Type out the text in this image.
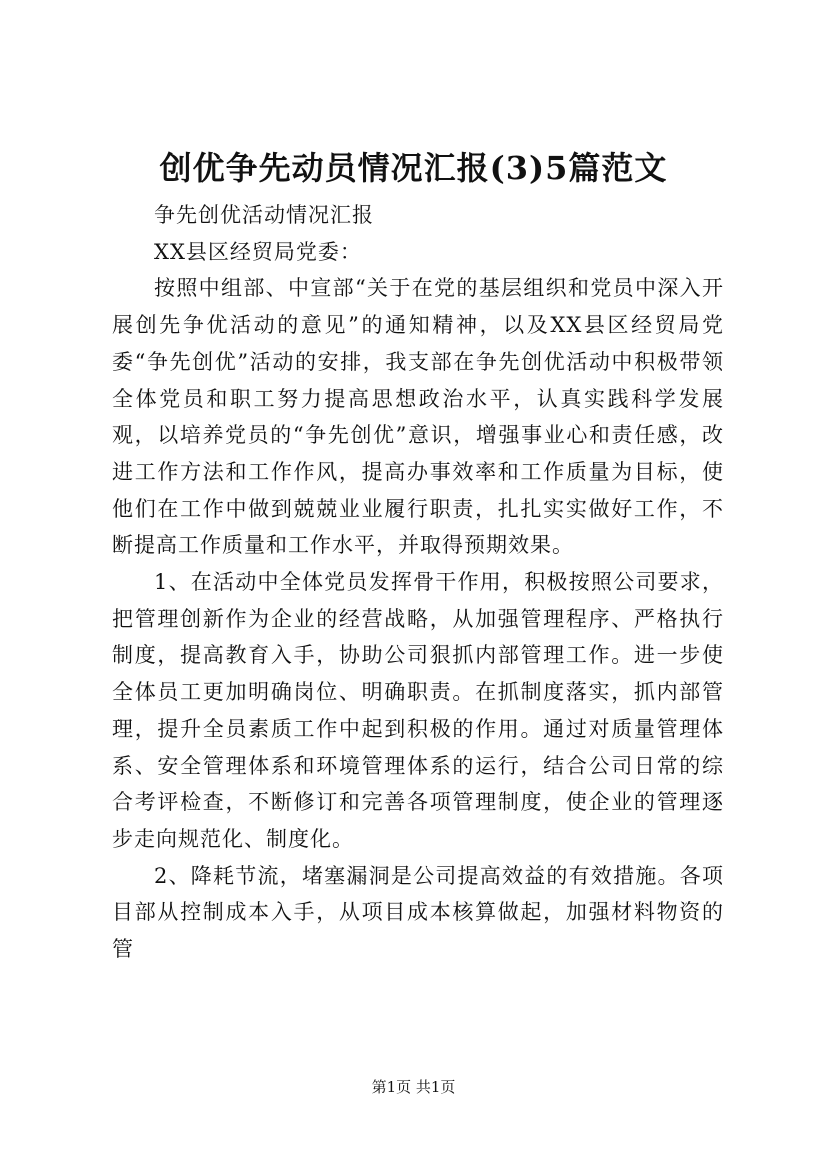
创优争先动员情况汇报(3)5篇范文

争先创优活动情况汇报

XX县区经贸局党委：

按照中组部、中宣部“关于在党的基层组织和党员中深入开展创先争优活动的意见”的通知精神，以及XX县区经贸局党委“争先创优”活动的安排，我支部在争先创优活动中积极带领全体党员和职工努力提高思想政治水平，认真实践科学发展观，以培养党员的“争先创优”意识，增强事业心和责任感，改进工作方法和工作作风，提高办事效率和工作质量为目标，使他们在工作中做到兢兢业业履行职责，扎扎实实做好工作，不断提高工作质量和工作水平，并取得预期效果。

1、在活动中全体党员发挥骨干作用，积极按照公司要求，把管理创新作为企业的经营战略，从加强管理程序、严格执行制度，提高教育入手，协助公司狠抓内部管理工作。进一步使全体员工更加明确岗位、明确职责。在抓制度落实，抓内部管理，提升全员素质工作中起到积极的作用。通过对质量管理体系、安全管理体系和环境管理体系的运行，结合公司日常的综合考评检查，不断修订和完善各项管理制度，使企业的管理逐步走向规范化、制度化。

2、降耗节流，堵塞漏洞是公司提高效益的有效措施。各项目部从控制成本入手，从项目成本核算做起，加强材料物资的管

第1页 共1页
